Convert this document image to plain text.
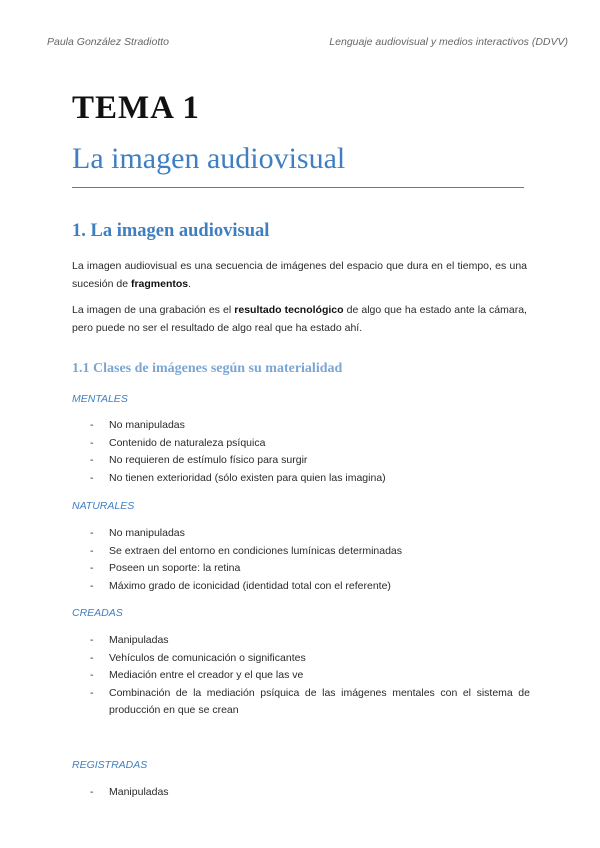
Paula González Stradiotto	Lenguaje audiovisual y medios interactivos (DDVV)
TEMA 1
La imagen audiovisual
1. La imagen audiovisual
La imagen audiovisual es una secuencia de imágenes del espacio que dura en el tiempo, es una sucesión de fragmentos.
La imagen de una grabación es el resultado tecnológico de algo que ha estado ante la cámara, pero puede no ser el resultado de algo real que ha estado ahí.
1.1 Clases de imágenes según su materialidad
MENTALES
- No manipuladas
- Contenido de naturaleza psíquica
- No requieren de estímulo físico para surgir
- No tienen exterioridad (sólo existen para quien las imagina)
NATURALES
- No manipuladas
- Se extraen del entorno en condiciones lumínicas determinadas
- Poseen un soporte: la retina
- Máximo grado de iconicidad (identidad total con el referente)
CREADAS
- Manipuladas
- Vehículos de comunicación o significantes
- Mediación entre el creador y el que las ve
- Combinación de la mediación psíquica de las imágenes mentales con el sistema de producción en que se crean
REGISTRADAS
- Manipuladas
